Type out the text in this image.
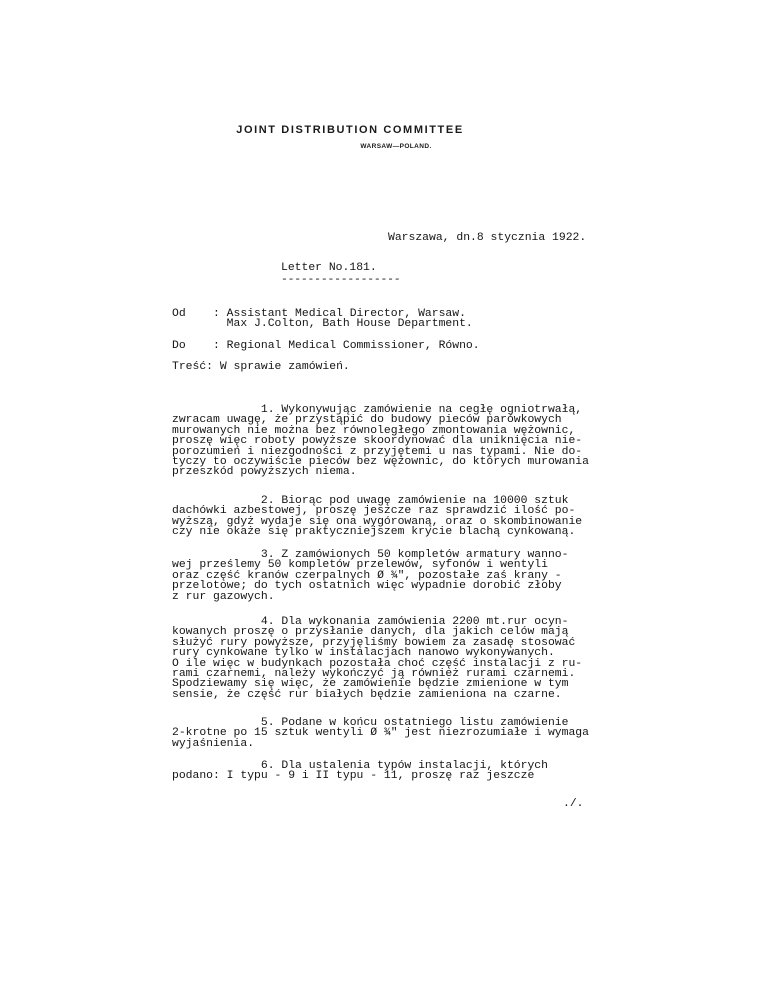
JOINT DISTRIBUTION COMMITTEE
WARSAW—POLAND.
Warszawa, dn.8 stycznia 1922.
Letter No.181.
------------------
Od : Assistant Medical Director, Warsaw.
Max J.Colton, Bath House Department.
Do : Regional Medical Commissioner, Równo.
Treść: W sprawie zamówień.
1. Wykonywując zamówienie na cegłę ogniotrwałą,
zwracam uwagę, że przystąpić do budowy pieców parówkowych
murowanych nie można bez równoległego zmontowania wężownic,
proszę więc roboty powyższe skoordynować dla uniknięcia nie-
porozumień i niezgodności z przyjętemi u nas typami. Nie do-
tyczy to oczywiście pieców bez wężownic, do których murowania
przeszkód powyższych niema.
2. Biorąc pod uwagę zamówienie na 10000 sztuk
dachówki azbestowej, proszę jeszcze raz sprawdzić ilość po-
wyższą, gdyż wydaje się ona wygórowaną, oraz o skombinowanie
czy nie okaże się praktyczniejszem krycie blachą cynkowaną.
3. Z zamówionych 50 kompletów armatury wanno-
wej prześlemy 50 kompletów przelewów, syfonów i wentyli
oraz część kranów czerpalnych Ø ¾", pozostałe zaś krany -
przelotowe; do tych ostatnich więc wypadnie dorobić złoby
z rur gazowych.
4. Dla wykonania zamówienia 2200 mt.rur ocyn-
kowanych proszę o przysłanie danych, dla jakich celów mają
służyć rury powyższe, przyjęliśmy bowiem za zasadę stosować
rury cynkowane tylko w instalacjach nanowo wykonywanych.
O ile więc w budynkach pozostała choć część instalacji z ru-
rami czarnemi, należy wykończyć ją również rurami czarnemi.
Spodziewamy się więc, że zamówienie będzie zmienione w tym
sensie, że część rur białych będzie zamieniona na czarne.
5. Podane w końcu ostatniego listu zamówienie
2-krotne po 15 sztuk wentyli Ø ¾" jest niezrozumiałe i wymaga
wyjaśnienia.
6. Dla ustalenia typów instalacji, których
podano: I typu - 9 i II typu - 11, proszę raz jeszcze
./.
